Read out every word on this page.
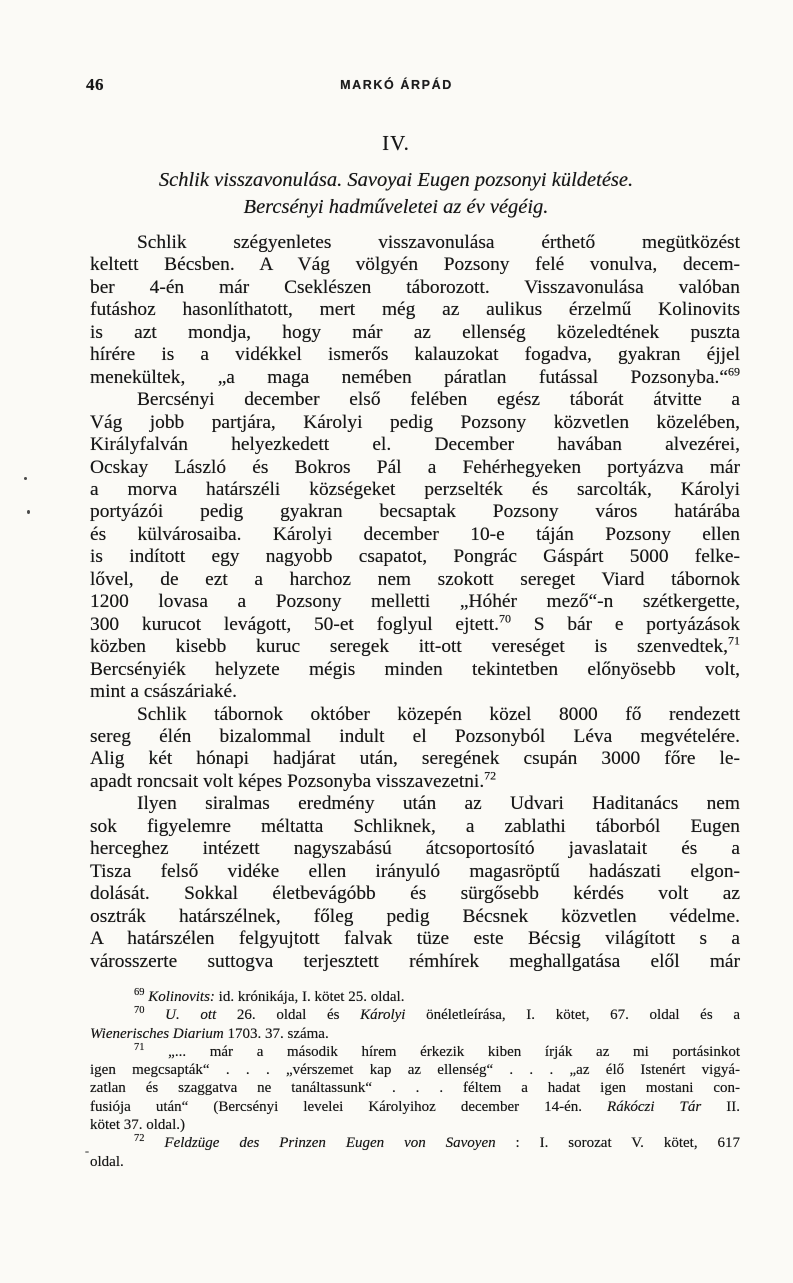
46	MARKÓ ÁRPÁD
IV.
Schlik visszavonulása. Savoyai Eugen pozsonyi küldetése.
Bercsényi hadműveletei az év végéig.
Schlik szégyenletes visszavonulása érthető megütközést
keltett Bécsben. A Vág völgyén Pozsony felé vonulva, decem-
ber 4-én már Cseklészen táborozott. Visszavonulása valóban
futáshoz hasonlíthatott, mert még az aulikus érzelmű Kolinovits
is azt mondja, hogy már az ellenség közeledtének puszta
hírére is a vidékkel ismerős kalauzokat fogadva, gyakran éjjel
menekültek, „a maga nemében páratlan futással Pozsonyba.“$^{69}$
Bercsényi december első felében egész táborát átvitte a
Vág jobb partjára, Károlyi pedig Pozsony közvetlen közelében,
Királyfalván helyezkedett el. December havában alvezérei,
Ocskay László és Bokros Pál a Fehérhegyeken portyázva már
a morva határszéli községeket perzselték és sarcolták, Károlyi
portyázói pedig gyakran becsaptak Pozsony város határába
és külvárosaiba. Károlyi december 10-e táján Pozsony ellen
is indított egy nagyobb csapatot, Pongrác Gáspárt 5000 felke-
lővel, de ezt a harchoz nem szokott sereget Viard tábornok
1200 lovasa a Pozsony melletti „Hóhér mező“-n szétkergette,
300 kurucot levágott, 50-et foglyul ejtett.$^{70}$ S bár e portyázások
közben kisebb kuruc seregek itt-ott vereséget is szenvedtek,$^{71}$
Bercsényiék helyzete mégis minden tekintetben előnyösebb volt,
mint a császáriaké.
Schlik tábornok október közepén közel 8000 fő rendezett
sereg élén bizalommal indult el Pozsonyból Léva megvételére.
Alig két hónapi hadjárat után, seregének csupán 3000 főre le-
apadt roncsait volt képes Pozsonyba visszavezetni.$^{72}$
Ilyen siralmas eredmény után az Udvari Haditanács nem
sok figyelemre méltatta Schliknek, a zablathi táborból Eugen
herceghez intézett nagyszabású átcsoportosító javaslatait és a
Tisza felső vidéke ellen irányuló magasröptű hadászati elgon-
dolását. Sokkal életbevágóbb és sürgősebb kérdés volt az
osztrák határszélnek, főleg pedig Bécsnek közvetlen védelme.
A határszélen felgyujtott falvak tüze este Bécsig világított s a
városszerte suttogva terjesztett rémhírek meghallgatása elől már
$^{69}$ Kolinovits: id. krónikája, I. kötet 25. oldal.
$^{70}$ U. ott 26. oldal és Károlyi önéletleírása, I. kötet, 67. oldal és a
Wienerisches Diarium 1703. 37. száma.
$^{71}$ „... már a második hírem érkezik kiben írják az mi portásinkot
igen megcsapták“ . . . „vérszemet kap az ellenség“ . . . „az élő Istenért vigyá-
zatlan és szaggatva ne tanáltassunk“ . . . féltem a hadat igen mostani con-
fusiója után“ (Bercsényi levelei Károlyihoz december 14-én. Rákóczi Tár II.
kötet 37. oldal.)
$^{72}$ Feldzüge des Prinzen Eugen von Savoyen : I. sorozat V. kötet, 617
oldal.
